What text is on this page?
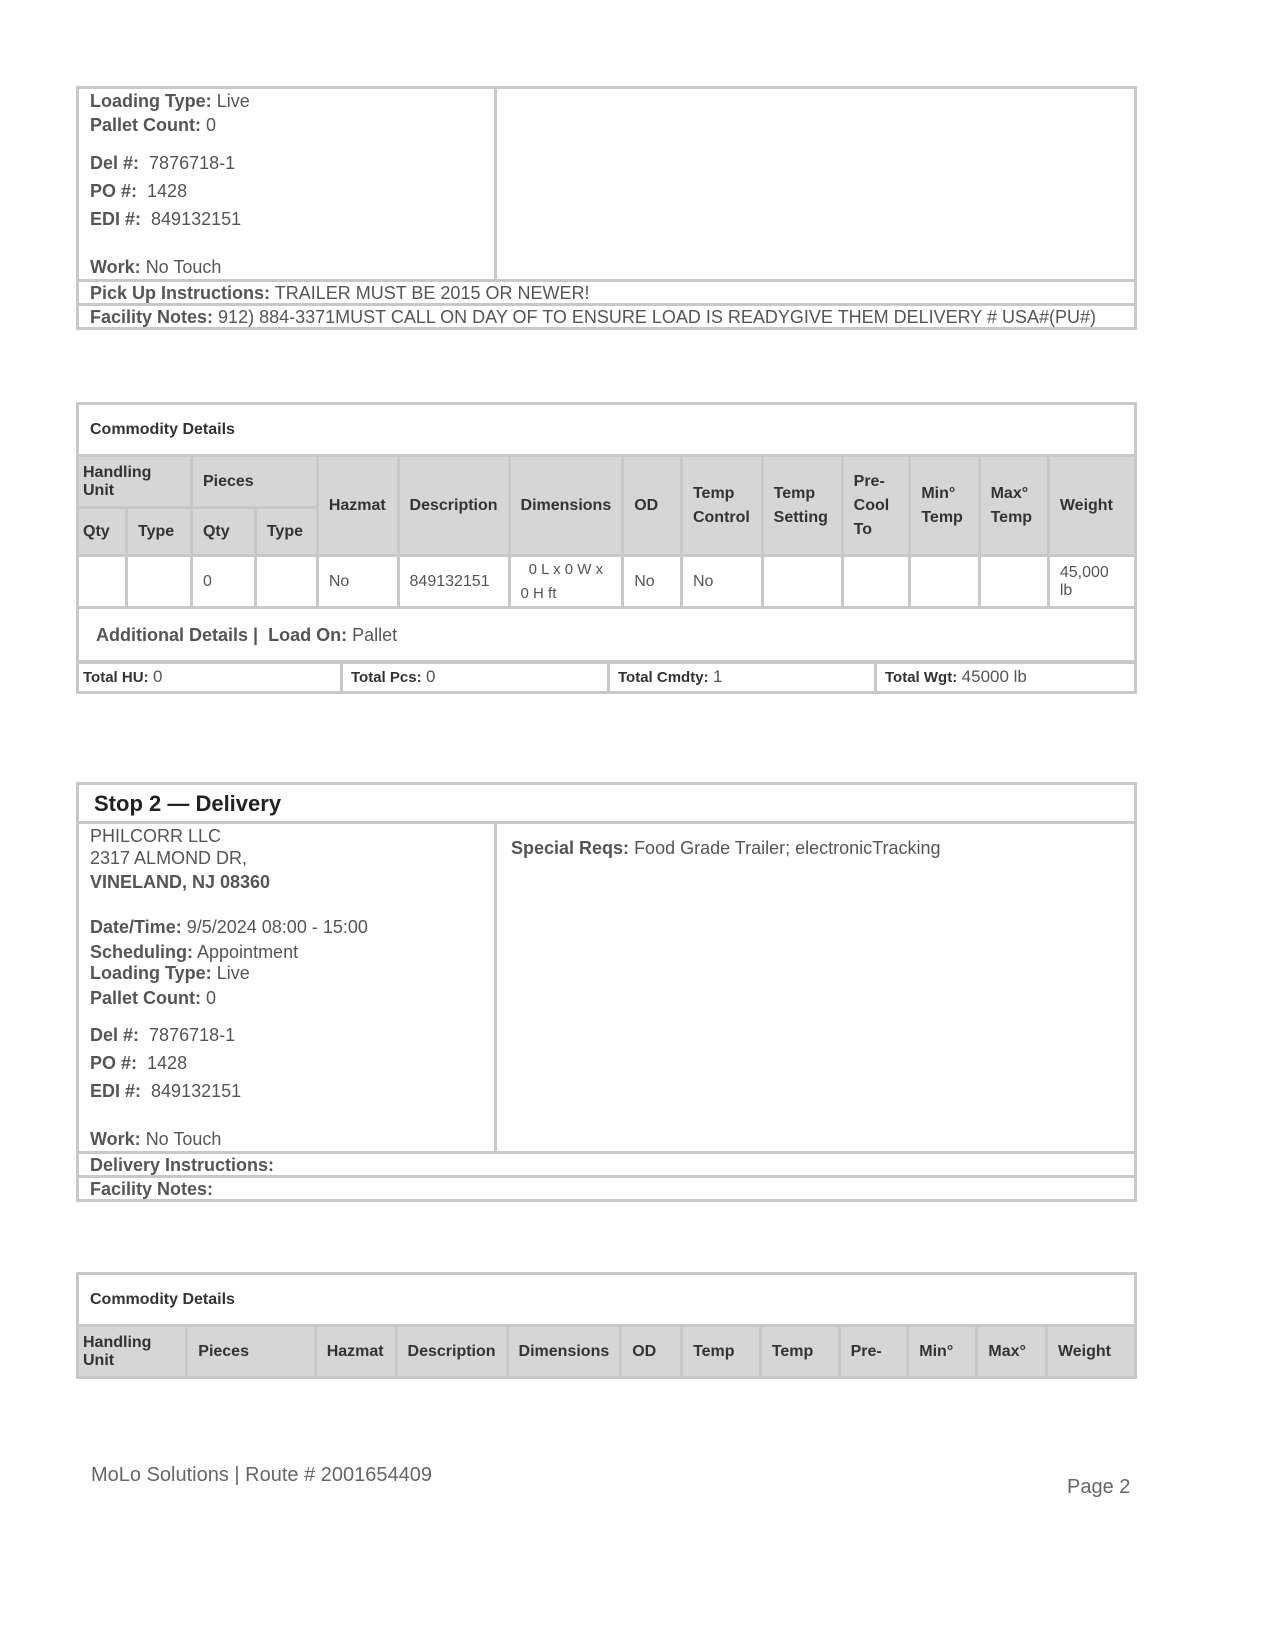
Loading Type: Live
Pallet Count: 0
Del #: 7876718-1
PO #: 1428
EDI #: 849132151
Work: No Touch
Pick Up Instructions: TRAILER MUST BE 2015 OR NEWER!
Facility Notes: 912) 884-3371MUST CALL ON DAY OF TO ENSURE LOAD IS READYGIVE THEM DELIVERY # USA#(PU#)
Commodity Details													
Handling Unit		Pieces		Hazmat	Description	Dimensions	OD	Temp Control	Temp Setting	Pre- Cool To	Min° Temp	Max° Temp	Weight
Qty	Type	Qty	Type										
		0		No	849132151	0 L x 0 W x
0 H ft	No	No					45,000 lb
Additional Details | Load On: Pallet													
Total HU: 0	Total Pcs: 0	Total Cmdty: 1	Total Wgt: 45000 lb
Stop 2 — Delivery
PHILCORR LLC
2317 ALMOND DR,
VINELAND, NJ 08360
Date/Time: 9/5/2024 08:00 - 15:00
Scheduling: Appointment
Loading Type: Live
Pallet Count: 0
Del #: 7876718-1
PO #: 1428
EDI #: 849132151
Work: No Touch
Special Reqs: Food Grade Trailer; electronicTracking
Delivery Instructions:
Facility Notes:
Commodity Details
Handling Unit	Pieces	Hazmat	Description	Dimensions	OD	Temp	Temp	Pre-	Min°	Max°	Weight
MoLo Solutions | Route # 2001654409
Page 2
